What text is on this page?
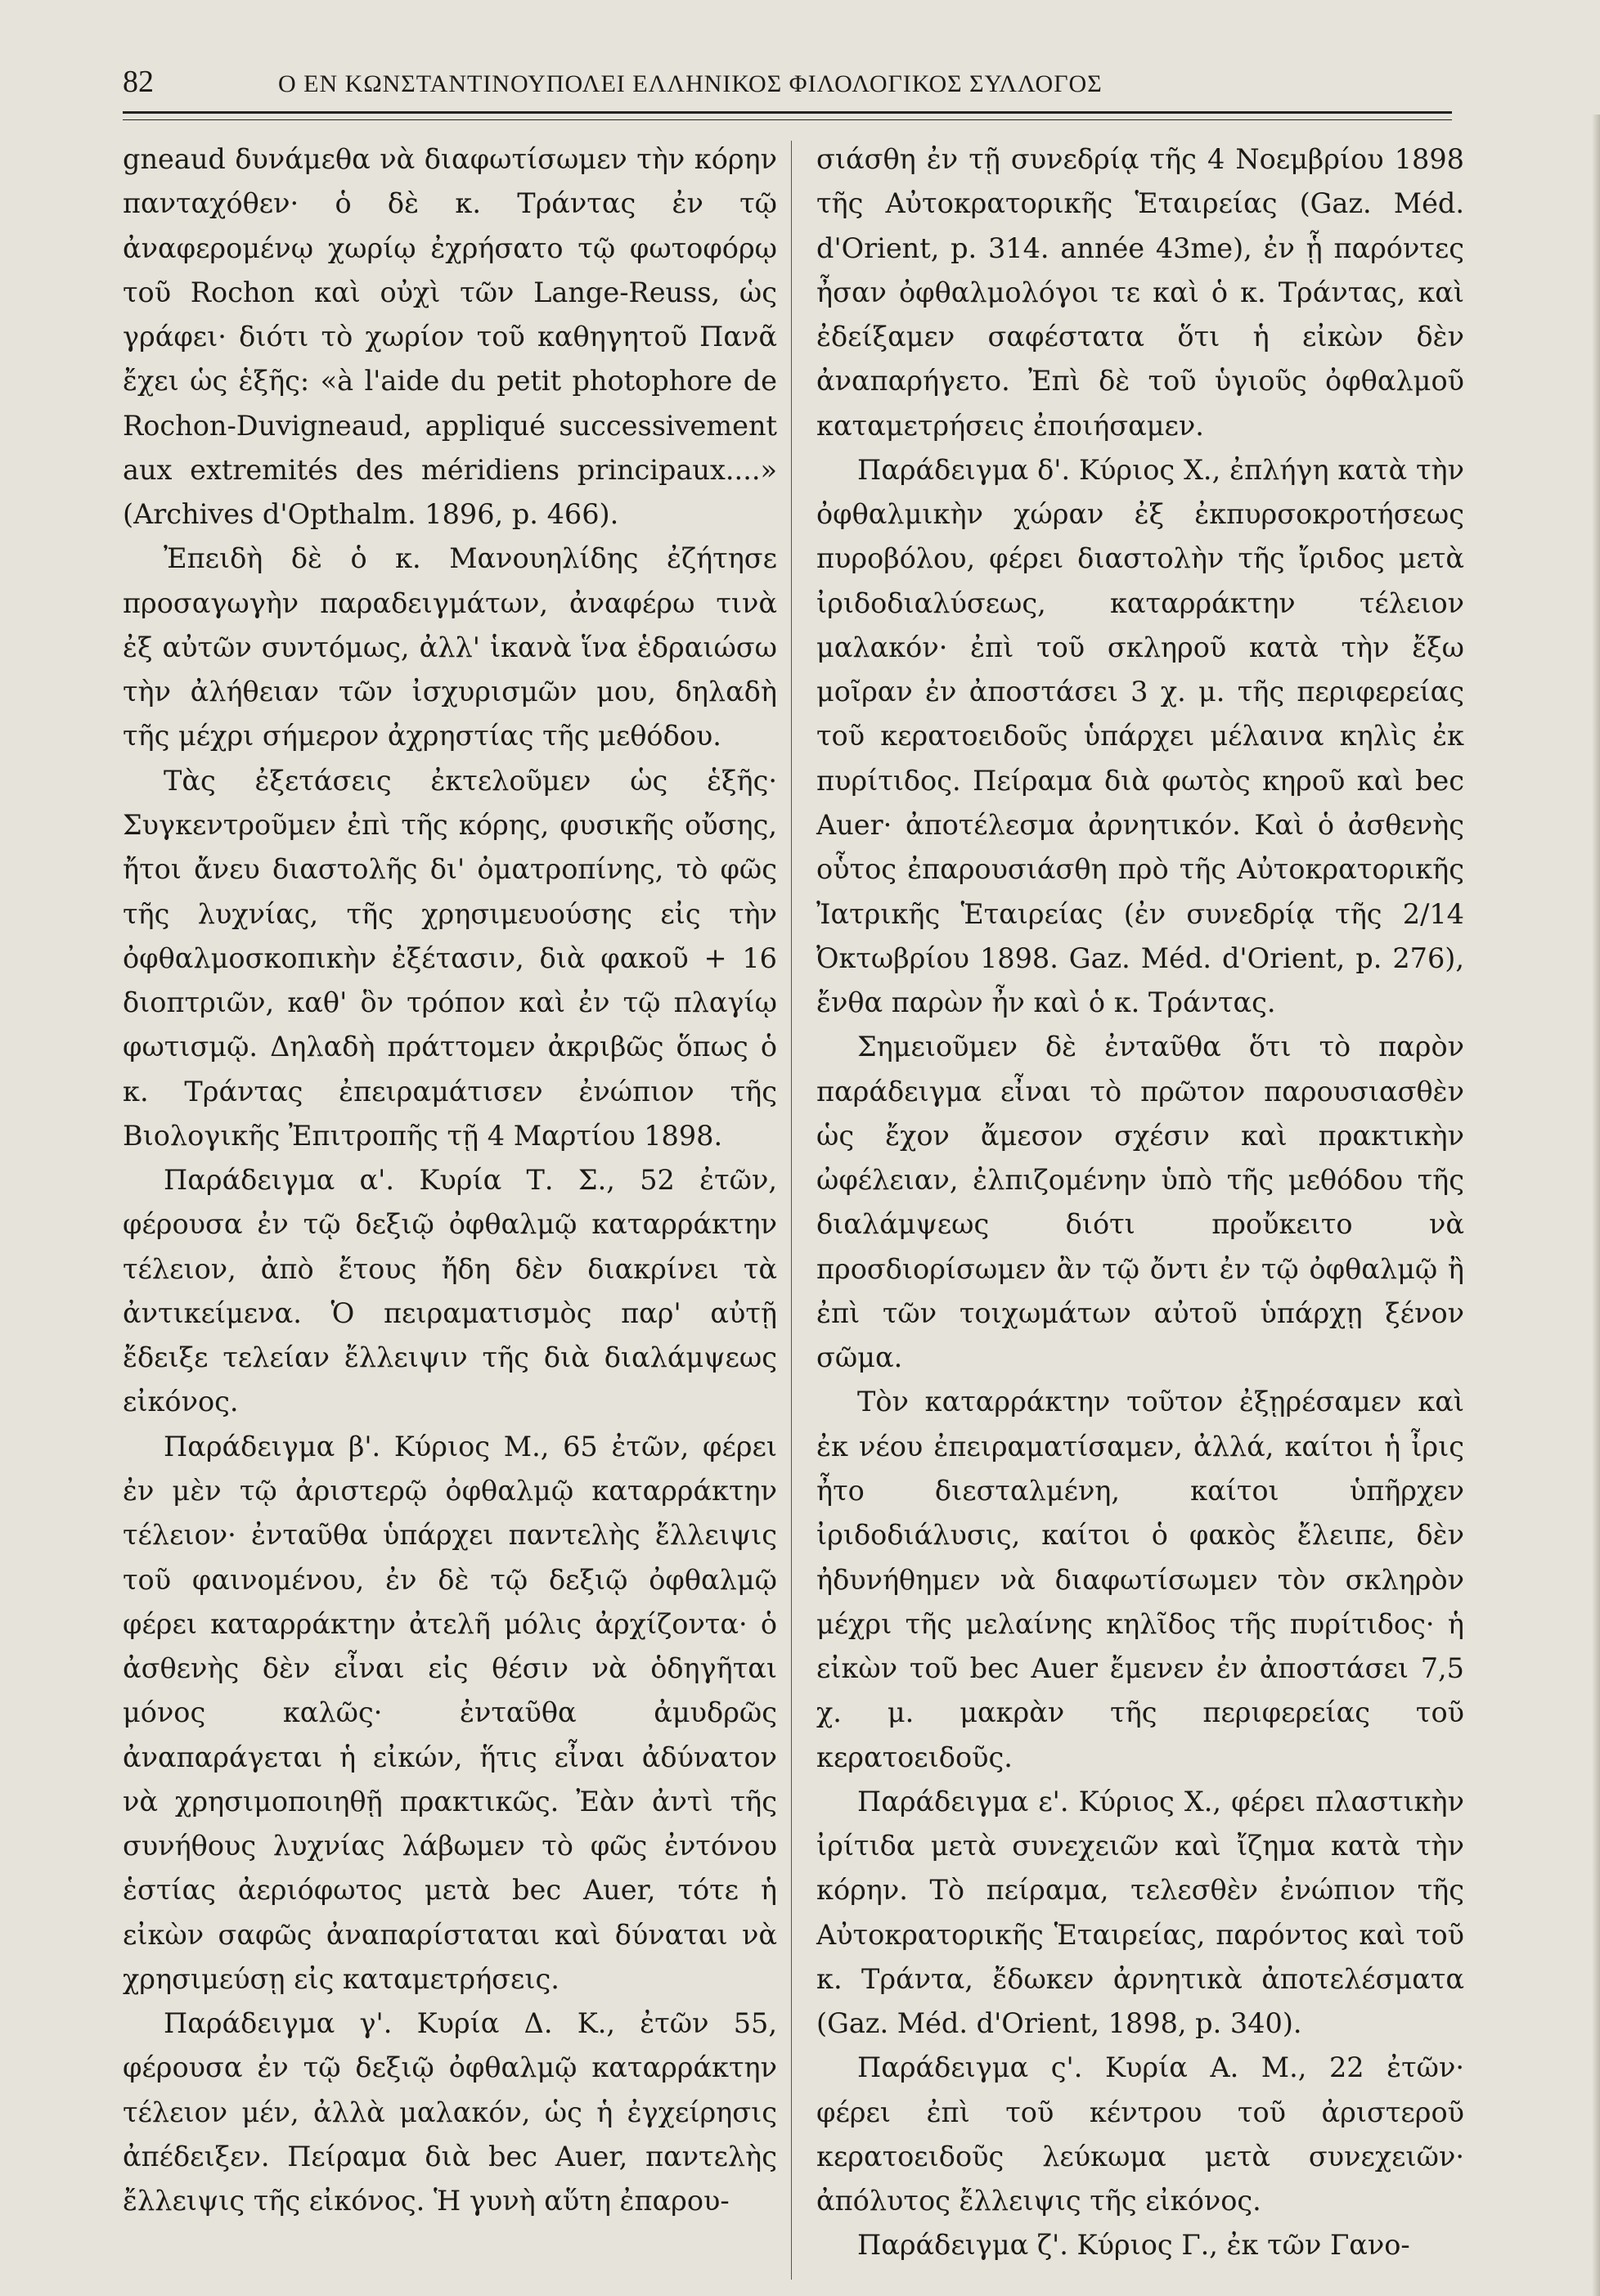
82	Ο ΕΝ ΚΩΝΣΤΑΝΤΙΝΟΥΠΟΛΕΙ ΕΛΛΗΝΙΚΟΣ ΦΙΛΟΛΟΓΙΚΟΣ ΣΥΛΛΟΓΟΣ

gneaud δυνάμεθα νὰ διαφωτίσωμεν τὴν κόρην πανταχόθεν· ὁ δὲ κ. Τράντας ἐν τῷ ἀναφερομένῳ χωρίῳ ἐχρήσατο τῷ φωτοφόρῳ τοῦ Rochon καὶ οὐχὶ τῶν Lange-Reuss, ὡς γράφει· διότι τὸ χωρίον τοῦ καθηγητοῦ Πανᾶ ἔχει ὡς ἑξῆς: «à l'aide du petit photophore de Rochon-Duvigneaud, appliqué successivement aux extremités des méridiens principaux....» (Archives d'Opthalm. 1896, p. 466).

Ἐπειδὴ δὲ ὁ κ. Μανουηλίδης ἐζήτησε προσαγωγὴν παραδειγμάτων, ἀναφέρω τινὰ ἐξ αὐτῶν συντόμως, ἀλλ' ἱκανὰ ἵνα ἑδραιώσω τὴν ἀλήθειαν τῶν ἰσχυρισμῶν μου, δηλαδὴ τῆς μέχρι σήμερον ἀχρηστίας τῆς μεθόδου.

Τὰς ἐξετάσεις ἐκτελοῦμεν ὡς ἑξῆς· Συγκεντροῦμεν ἐπὶ τῆς κόρης, φυσικῆς οὔσης, ἤτοι ἄνευ διαστολῆς δι' ὀματροπίνης, τὸ φῶς τῆς λυχνίας, τῆς χρησιμευούσης εἰς τὴν ὀφθαλμοσκοπικὴν ἐξέτασιν, διὰ φακοῦ + 16 διοπτριῶν, καθ' ὃν τρόπον καὶ ἐν τῷ πλαγίῳ φωτισμῷ. Δηλαδὴ πράττομεν ἀκριβῶς ὅπως ὁ κ. Τράντας ἐπειραμάτισεν ἐνώπιον τῆς Βιολογικῆς Ἐπιτροπῆς τῇ 4 Μαρτίου 1898.

Παράδειγμα α'. Κυρία Τ. Σ., 52 ἐτῶν, φέρουσα ἐν τῷ δεξιῷ ὀφθαλμῷ καταρράκτην τέλειον, ἀπὸ ἔτους ἤδη δὲν διακρίνει τὰ ἀντικείμενα. Ὁ πειραματισμὸς παρ' αὐτῇ ἔδειξε τελείαν ἔλλειψιν τῆς διὰ διαλάμψεως εἰκόνος.

Παράδειγμα β'. Κύριος Μ., 65 ἐτῶν, φέρει ἐν μὲν τῷ ἀριστερῷ ὀφθαλμῷ καταρράκτην τέλειον· ἐνταῦθα ὑπάρχει παντελὴς ἔλλειψις τοῦ φαινομένου, ἐν δὲ τῷ δεξιῷ ὀφθαλμῷ φέρει καταρράκτην ἀτελῆ μόλις ἀρχίζοντα· ὁ ἀσθενὴς δὲν εἶναι εἰς θέσιν νὰ ὁδηγῆται μόνος καλῶς· ἐνταῦθα ἀμυδρῶς ἀναπαράγεται ἡ εἰκών, ἥτις εἶναι ἀδύνατον νὰ χρησιμοποιηθῇ πρακτικῶς. Ἐὰν ἀντὶ τῆς συνήθους λυχνίας λάβωμεν τὸ φῶς ἐντόνου ἑστίας ἀεριόφωτος μετὰ bec Auer, τότε ἡ εἰκὼν σαφῶς ἀναπαρίσταται καὶ δύναται νὰ χρησιμεύσῃ εἰς καταμετρήσεις.

Παράδειγμα γ'. Κυρία Δ. Κ., ἐτῶν 55, φέρουσα ἐν τῷ δεξιῷ ὀφθαλμῷ καταρράκτην τέλειον μέν, ἀλλὰ μαλακόν, ὡς ἡ ἐγχείρησις ἀπέδειξεν. Πείραμα διὰ bec Auer, παντελὴς ἔλλειψις τῆς εἰκόνος. Ἡ γυνὴ αὕτη ἐπαρου-

σιάσθη ἐν τῇ συνεδρίᾳ τῆς 4 Νοεμβρίου 1898 τῆς Αὐτοκρατορικῆς Ἑταιρείας (Gaz. Méd. d'Orient, p. 314. année 43me), ἐν ᾗ παρόντες ἦσαν ὀφθαλμολόγοι τε καὶ ὁ κ. Τράντας, καὶ ἐδείξαμεν σαφέστατα ὅτι ἡ εἰκὼν δὲν ἀναπαρήγετο. Ἐπὶ δὲ τοῦ ὑγιοῦς ὀφθαλμοῦ καταμετρήσεις ἐποιήσαμεν.

Παράδειγμα δ'. Κύριος Χ., ἐπλήγη κατὰ τὴν ὀφθαλμικὴν χώραν ἐξ ἐκπυρσοκροτήσεως πυροβόλου, φέρει διαστολὴν τῆς ἴριδος μετὰ ἰριδοδιαλύσεως, καταρράκτην τέλειον μαλακόν· ἐπὶ τοῦ σκληροῦ κατὰ τὴν ἔξω μοῖραν ἐν ἀποστάσει 3 χ. μ. τῆς περιφερείας τοῦ κερατοειδοῦς ὑπάρχει μέλαινα κηλὶς ἐκ πυρίτιδος. Πείραμα διὰ φωτὸς κηροῦ καὶ bec Auer· ἀποτέλεσμα ἀρνητικόν. Καὶ ὁ ἀσθενὴς οὗτος ἐπαρουσιάσθη πρὸ τῆς Αὐτοκρατορικῆς Ἰατρικῆς Ἑταιρείας (ἐν συνεδρίᾳ τῆς 2/14 Ὀκτωβρίου 1898. Gaz. Méd. d'Orient, p. 276), ἔνθα παρὼν ἦν καὶ ὁ κ. Τράντας.

Σημειοῦμεν δὲ ἐνταῦθα ὅτι τὸ παρὸν παράδειγμα εἶναι τὸ πρῶτον παρουσιασθὲν ὡς ἔχον ἄμεσον σχέσιν καὶ πρακτικὴν ὠφέλειαν, ἐλπιζομένην ὑπὸ τῆς μεθόδου τῆς διαλάμψεως διότι προὔκειτο νὰ προσδιορίσωμεν ἂν τῷ ὄντι ἐν τῷ ὀφθαλμῷ ἢ ἐπὶ τῶν τοιχωμάτων αὐτοῦ ὑπάρχῃ ξένον σῶμα.

Τὸν καταρράκτην τοῦτον ἐξῃρέσαμεν καὶ ἐκ νέου ἐπειραματίσαμεν, ἀλλά, καίτοι ἡ ἶρις ἦτο διεσταλμένη, καίτοι ὑπῆρχεν ἰριδοδιάλυσις, καίτοι ὁ φακὸς ἔλειπε, δὲν ἠδυνήθημεν νὰ διαφωτίσωμεν τὸν σκληρὸν μέχρι τῆς μελαίνης κηλῖδος τῆς πυρίτιδος· ἡ εἰκὼν τοῦ bec Auer ἔμενεν ἐν ἀποστάσει 7,5 χ. μ. μακρὰν τῆς περιφερείας τοῦ κερατοειδοῦς.

Παράδειγμα ε'. Κύριος Χ., φέρει πλαστικὴν ἰρίτιδα μετὰ συνεχειῶν καὶ ἴζημα κατὰ τὴν κόρην. Τὸ πείραμα, τελεσθὲν ἐνώπιον τῆς Αὐτοκρατορικῆς Ἑταιρείας, παρόντος καὶ τοῦ κ. Τράντα, ἔδωκεν ἀρνητικὰ ἀποτελέσματα (Gaz. Méd. d'Orient, 1898, p. 340).

Παράδειγμα ς'. Κυρία Α. Μ., 22 ἐτῶν· φέρει ἐπὶ τοῦ κέντρου τοῦ ἀριστεροῦ κερατοειδοῦς λεύκωμα μετὰ συνεχειῶν· ἀπόλυτος ἔλλειψις τῆς εἰκόνος.

Παράδειγμα ζ'. Κύριος Γ., ἐκ τῶν Γανο-
